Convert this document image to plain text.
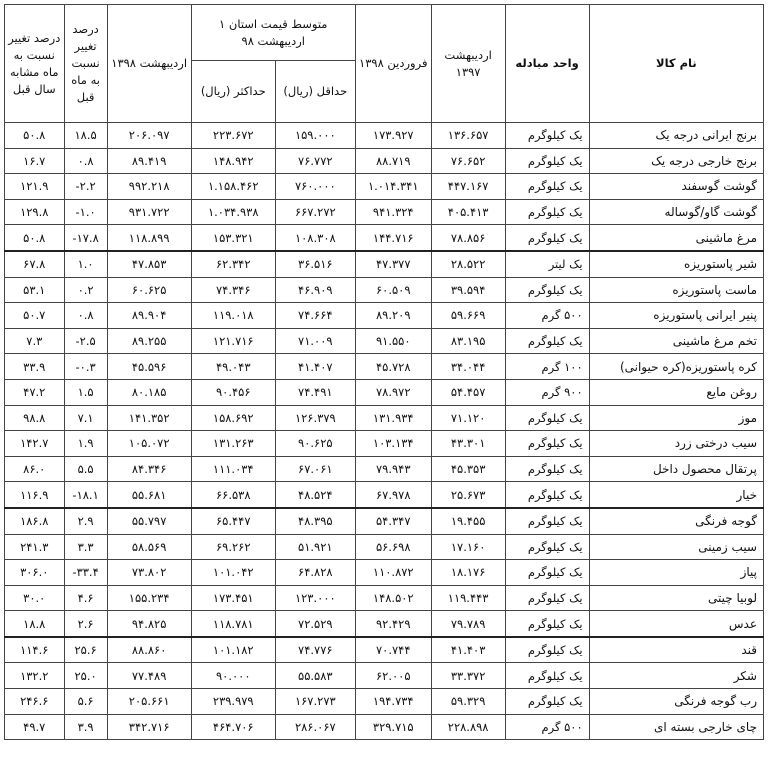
نام کالا	واحد مبادله	اردیبهشت ۱۳۹۷	فروردین ۱۳۹۸	متوسط قیمت استان ۱ اردیبهشت ۹۸		اردیبهشت ۱۳۹۸	درصد تغییر نسبت به ماه قبل	درصد تغییر نسبت به ماه مشابه سال قبل
				حداقل (ریال)	حداکثر (ریال)			
برنج ایرانی درجه یک	یک کیلوگرم	۱۳۶.۶۵۷	۱۷۳.۹۲۷	۱۵۹.۰۰۰	۲۲۳.۶۷۲	۲۰۶.۰۹۷	۱۸.۵	۵۰.۸
برنج خارجی درجه یک	یک کیلوگرم	۷۶.۶۵۲	۸۸.۷۱۹	۷۶.۷۷۲	۱۴۸.۹۴۲	۸۹.۴۱۹	۰.۸	۱۶.۷
گوشت گوسفند	یک کیلوگرم	۴۴۷.۱۶۷	۱.۰۱۴.۳۴۱	۷۶۰.۰۰۰	۱.۱۵۸.۴۶۲	۹۹۲.۲۱۸	۲.۲-	۱۲۱.۹
گوشت گاو/گوساله	یک کیلوگرم	۴۰۵.۴۱۳	۹۴۱.۳۲۴	۶۶۷.۲۷۲	۱.۰۳۴.۹۳۸	۹۳۱.۷۲۲	۱.۰-	۱۲۹.۸
مرغ ماشینی	یک کیلوگرم	۷۸.۸۵۶	۱۴۴.۷۱۶	۱۰۸.۳۰۸	۱۵۳.۳۲۱	۱۱۸.۸۹۹	۱۷.۸-	۵۰.۸
شیر پاستوریزه	یک لیتر	۲۸.۵۲۲	۴۷.۳۷۷	۳۶.۵۱۶	۶۲.۳۴۲	۴۷.۸۵۳	۱.۰	۶۷.۸
ماست پاستوریزه	یک کیلوگرم	۳۹.۵۹۴	۶۰.۵۰۹	۴۶.۹۰۹	۷۴.۳۴۶	۶۰.۶۲۵	۰.۲	۵۳.۱
پنیر ایرانی پاستوریزه	۵۰۰ گرم	۵۹.۶۶۹	۸۹.۲۰۹	۷۴.۶۶۴	۱۱۹.۰۱۸	۸۹.۹۰۴	۰.۸	۵۰.۷
تخم مرغ ماشینی	یک کیلوگرم	۸۳.۱۹۵	۹۱.۵۵۰	۷۱.۰۰۹	۱۲۱.۷۱۶	۸۹.۲۵۵	۲.۵-	۷.۳
کره پاستوریزه(کره حیوانی)	۱۰۰ گرم	۳۴.۰۴۴	۴۵.۷۲۸	۴۱.۴۰۷	۴۹.۰۴۳	۴۵.۵۹۶	۰.۳-	۳۳.۹
روغن مایع	۹۰۰ گرم	۵۴.۴۵۷	۷۸.۹۷۲	۷۴.۴۹۱	۹۰.۴۵۶	۸۰.۱۸۵	۱.۵	۴۷.۲
موز	یک کیلوگرم	۷۱.۱۲۰	۱۳۱.۹۳۴	۱۲۶.۳۷۹	۱۵۸.۶۹۲	۱۴۱.۳۵۲	۷.۱	۹۸.۸
سیب درختی زرد	یک کیلوگرم	۴۳.۳۰۱	۱۰۳.۱۳۴	۹۰.۶۲۵	۱۳۱.۲۶۳	۱۰۵.۰۷۲	۱.۹	۱۴۲.۷
پرتقال محصول داخل	یک کیلوگرم	۴۵.۳۵۳	۷۹.۹۴۳	۶۷.۰۶۱	۱۱۱.۰۳۴	۸۴.۳۴۶	۵.۵	۸۶.۰
خیار	یک کیلوگرم	۲۵.۶۷۳	۶۷.۹۷۸	۴۸.۵۲۴	۶۶.۵۳۸	۵۵.۶۸۱	۱۸.۱-	۱۱۶.۹
گوجه فرنگی	یک کیلوگرم	۱۹.۴۵۵	۵۴.۳۴۷	۴۸.۳۹۵	۶۵.۴۴۷	۵۵.۷۹۷	۲.۹	۱۸۶.۸
سیب زمینی	یک کیلوگرم	۱۷.۱۶۰	۵۶.۶۹۸	۵۱.۹۲۱	۶۹.۲۶۲	۵۸.۵۶۹	۳.۳	۲۴۱.۳
پیاز	یک کیلوگرم	۱۸.۱۷۶	۱۱۰.۸۷۲	۶۴.۸۲۸	۱۰۱.۰۴۲	۷۳.۸۰۲	۳۳.۴-	۳۰۶.۰
لوبیا چیتی	یک کیلوگرم	۱۱۹.۴۴۳	۱۴۸.۵۰۲	۱۲۳.۰۰۰	۱۷۳.۴۵۱	۱۵۵.۲۳۴	۴.۶	۳۰.۰
عدس	یک کیلوگرم	۷۹.۷۸۹	۹۲.۴۲۹	۷۲.۵۲۹	۱۱۸.۷۸۱	۹۴.۸۲۵	۲.۶	۱۸.۸
قند	یک کیلوگرم	۴۱.۴۰۳	۷۰.۷۴۴	۷۴.۷۷۶	۱۰۱.۱۸۲	۸۸.۸۶۰	۲۵.۶	۱۱۴.۶
شکر	یک کیلوگرم	۳۳.۳۷۲	۶۲.۰۰۵	۵۵.۵۸۳	۹۰.۰۰۰	۷۷.۴۸۹	۲۵.۰	۱۳۲.۲
رب گوجه فرنگی	یک کیلوگرم	۵۹.۳۲۹	۱۹۴.۷۳۴	۱۶۷.۲۷۳	۲۳۹.۹۷۹	۲۰۵.۶۶۱	۵.۶	۲۴۶.۶
چای خارجی بسته ای	۵۰۰ گرم	۲۲۸.۸۹۸	۳۲۹.۷۱۵	۲۸۶.۰۶۷	۴۶۴.۷۰۶	۳۴۲.۷۱۶	۳.۹	۴۹.۷
